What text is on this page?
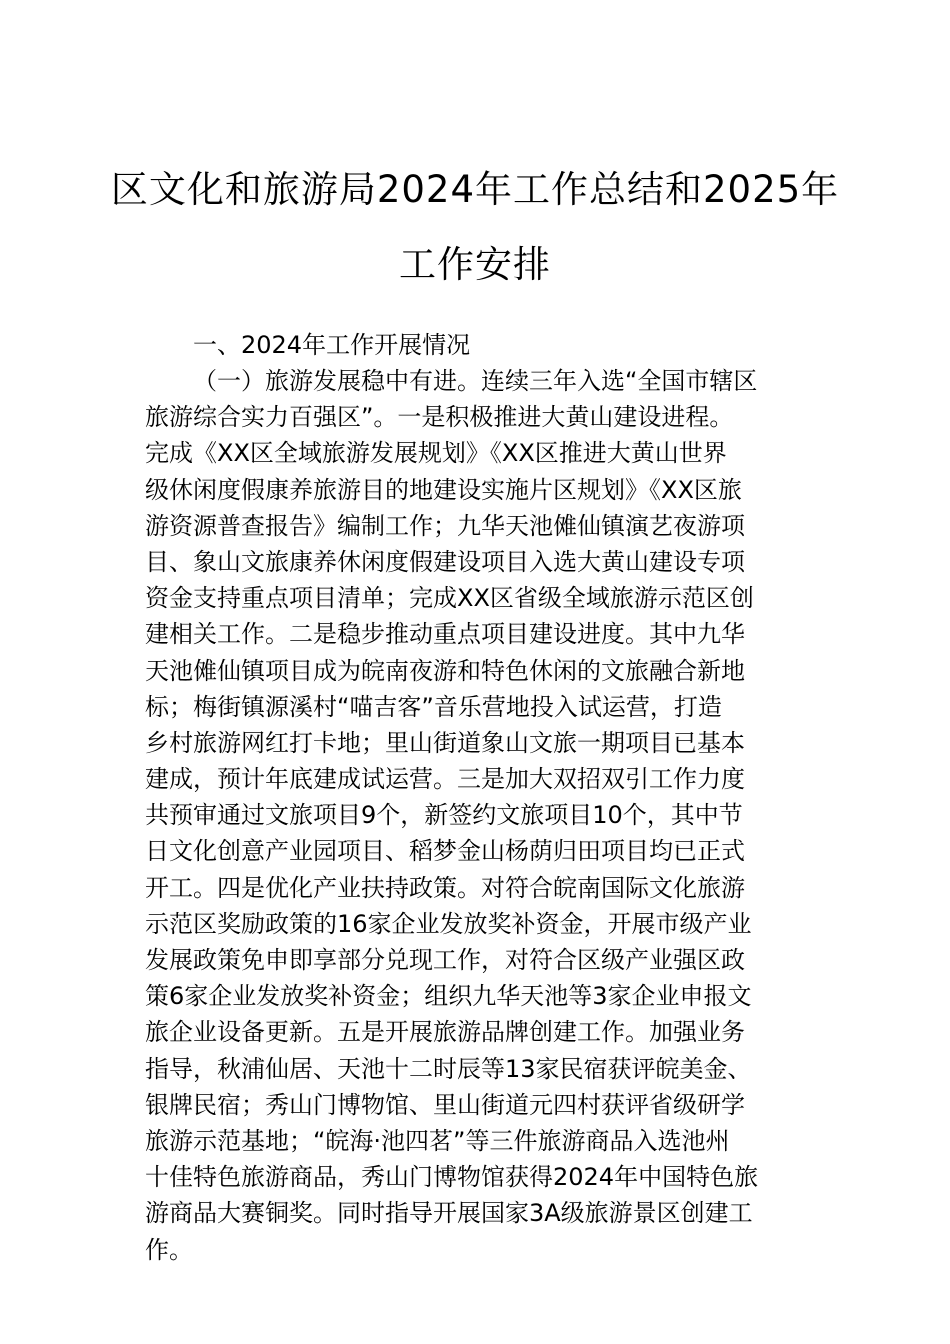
区文化和旅游局2024年工作总结和2025年
工作安排
一、2024年工作开展情况
（一）旅游发展稳中有进。连续三年入选“全国市辖区
旅游综合实力百强区”。一是积极推进大黄山建设进程。
完成《XX区全域旅游发展规划》《XX区推进大黄山世界
级休闲度假康养旅游目的地建设实施片区规划》《XX区旅
游资源普查报告》编制工作；九华天池傩仙镇演艺夜游项
目、象山文旅康养休闲度假建设项目入选大黄山建设专项
资金支持重点项目清单；完成XX区省级全域旅游示范区创
建相关工作。二是稳步推动重点项目建设进度。其中九华
天池傩仙镇项目成为皖南夜游和特色休闲的文旅融合新地
标；梅街镇源溪村“喵吉客”音乐营地投入试运营，打造
乡村旅游网红打卡地；里山街道象山文旅一期项目已基本
建成，预计年底建成试运营。三是加大双招双引工作力度
共预审通过文旅项目9个，新签约文旅项目10个，其中节
日文化创意产业园项目、稻梦金山杨荫归田项目均已正式
开工。四是优化产业扶持政策。对符合皖南国际文化旅游
示范区奖励政策的16家企业发放奖补资金，开展市级产业
发展政策免申即享部分兑现工作，对符合区级产业强区政
策6家企业发放奖补资金；组织九华天池等3家企业申报文
旅企业设备更新。五是开展旅游品牌创建工作。加强业务
指导，秋浦仙居、天池十二时辰等13家民宿获评皖美金、
银牌民宿；秀山门博物馆、里山街道元四村获评省级研学
旅游示范基地；“皖海·池四茗”等三件旅游商品入选池州
十佳特色旅游商品，秀山门博物馆获得2024年中国特色旅
游商品大赛铜奖。同时指导开展国家3A级旅游景区创建工
作。
